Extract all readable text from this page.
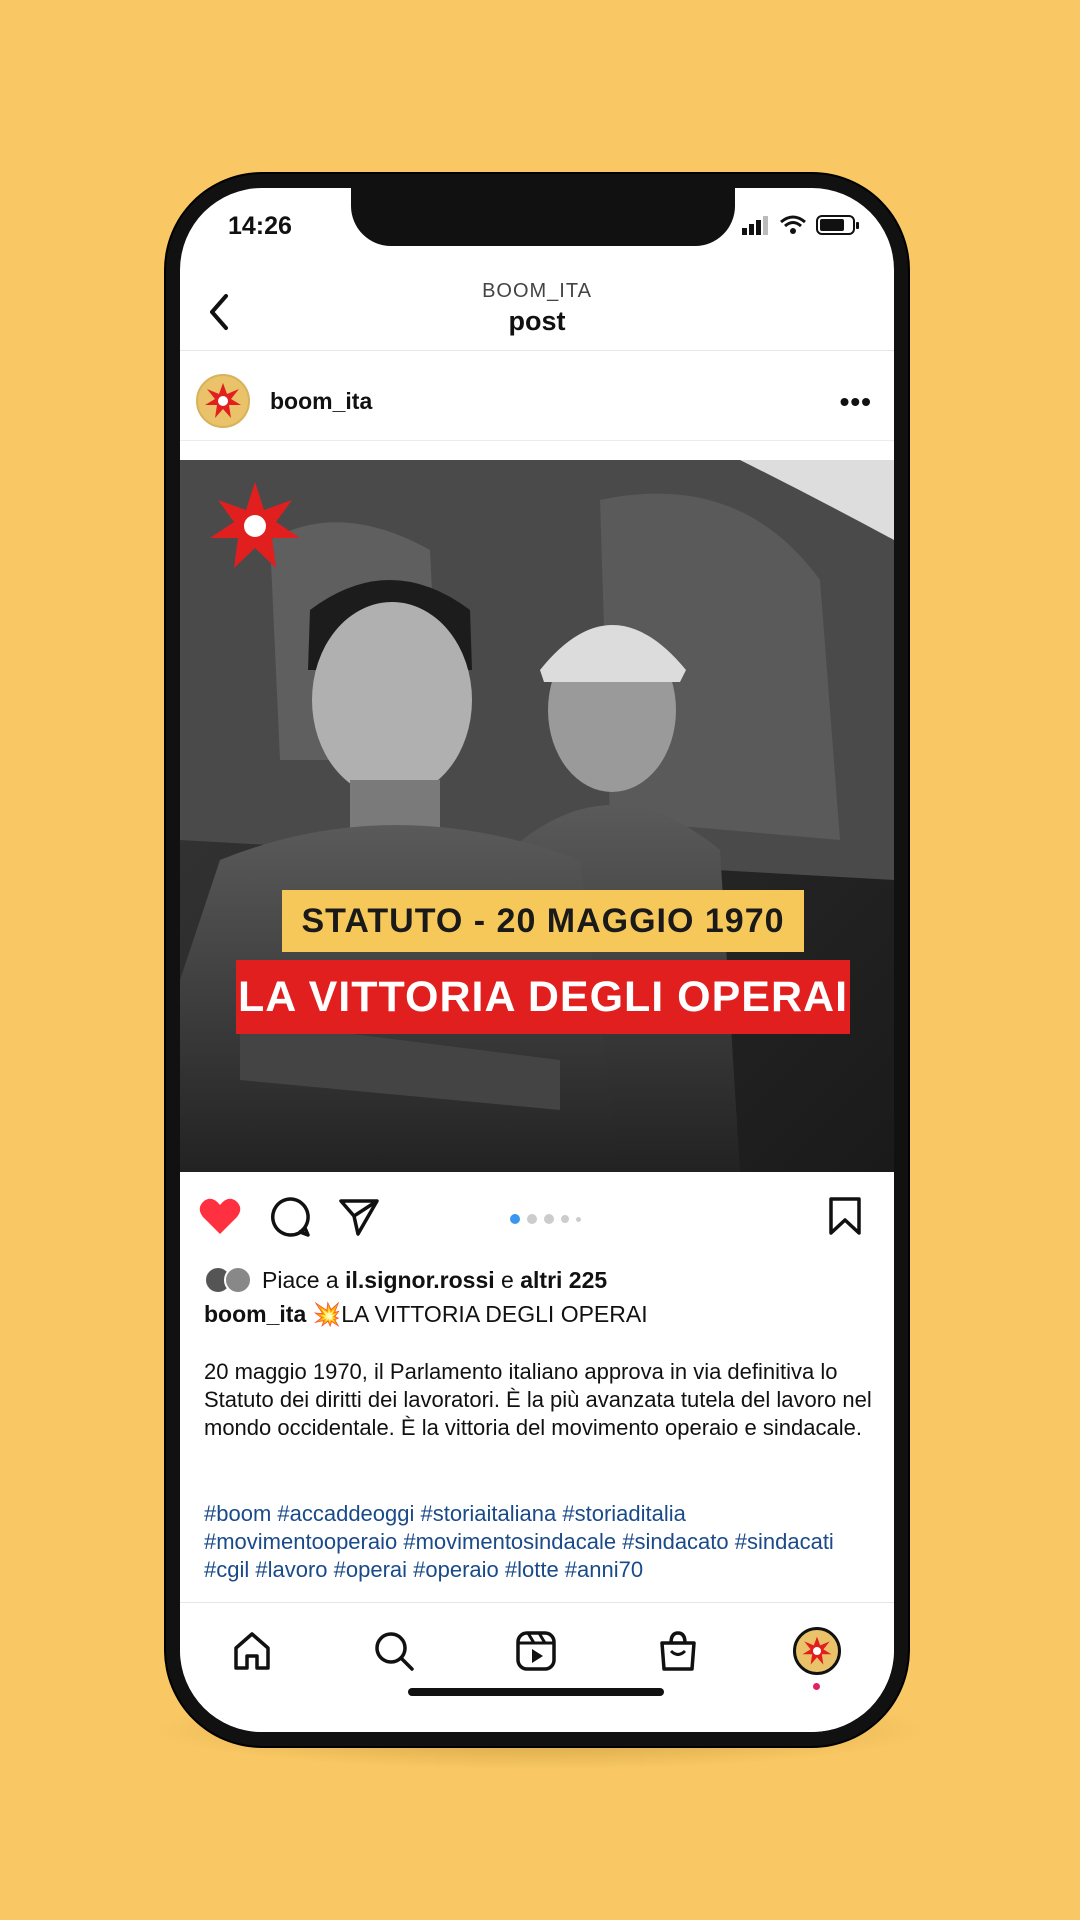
14:26
BOOM_ITA
post
boom_ita	•••
STATUTO - 20 MAGGIO 1970
LA VITTORIA DEGLI OPERAI
Piace a
il.signor.rossi
e
altri 225
boom_ita 💥LA VITTORIA DEGLI OPERAI
20 maggio 1970, il Parlamento italiano approva in via definitiva lo Statuto dei diritti dei lavoratori. È la più avanzata tutela del lavoro nel mondo occidentale. È la vittoria del movimento operaio e sindacale.
#boom #accaddeoggi #storiaitaliana #storiaditalia #movimentooperaio #movimentosindacale #sindacato #sindacati #cgil #lavoro #operai #operaio #lotte #anni70
